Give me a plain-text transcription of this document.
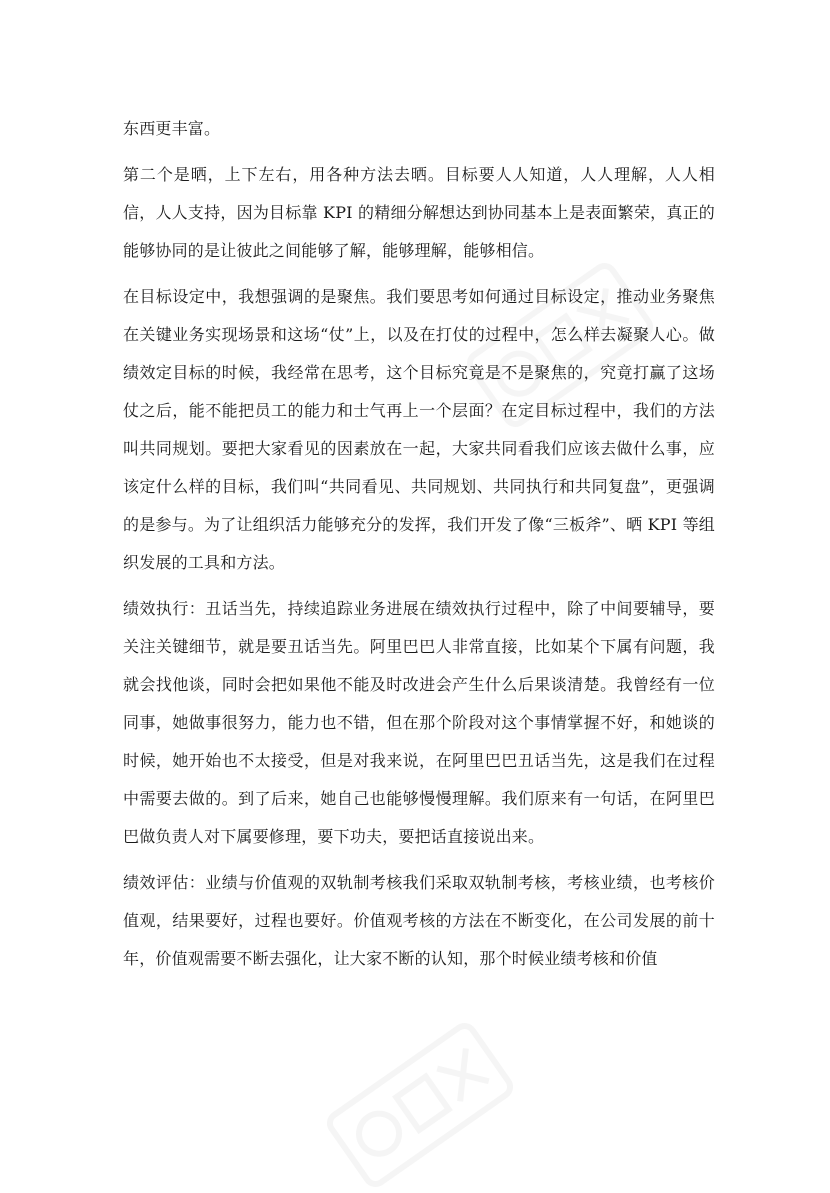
东西更丰富。

第二个是晒，上下左右，用各种方法去晒。目标要人人知道，人人理解，人人相信，人人支持，因为目标靠 KPI 的精细分解想达到协同基本上是表面繁荣，真正的能够协同的是让彼此之间能够了解，能够理解，能够相信。

在目标设定中，我想强调的是聚焦。我们要思考如何通过目标设定，推动业务聚焦在关键业务实现场景和这场“仗”上，以及在打仗的过程中，怎么样去凝聚人心。做绩效定目标的时候，我经常在思考，这个目标究竟是不是聚焦的，究竟打赢了这场仗之后，能不能把员工的能力和士气再上一个层面？在定目标过程中，我们的方法叫共同规划。要把大家看见的因素放在一起，大家共同看我们应该去做什么事，应该定什么样的目标，我们叫“共同看见、共同规划、共同执行和共同复盘”，更强调的是参与。为了让组织活力能够充分的发挥，我们开发了像“三板斧”、晒 KPI 等组织发展的工具和方法。

绩效执行：丑话当先，持续追踪业务进展在绩效执行过程中，除了中间要辅导，要关注关键细节，就是要丑话当先。阿里巴巴人非常直接，比如某个下属有问题，我就会找他谈，同时会把如果他不能及时改进会产生什么后果谈清楚。我曾经有一位同事，她做事很努力，能力也不错，但在那个阶段对这个事情掌握不好，和她谈的时候，她开始也不太接受，但是对我来说，在阿里巴巴丑话当先，这是我们在过程中需要去做的。到了后来，她自己也能够慢慢理解。我们原来有一句话，在阿里巴巴做负责人对下属要修理，要下功夫，要把话直接说出来。

绩效评估：业绩与价值观的双轨制考核我们采取双轨制考核，考核业绩，也考核价值观，结果要好，过程也要好。价值观考核的方法在不断变化，在公司发展的前十年，价值观需要不断去强化，让大家不断的认知，那个时候业绩考核和价值
